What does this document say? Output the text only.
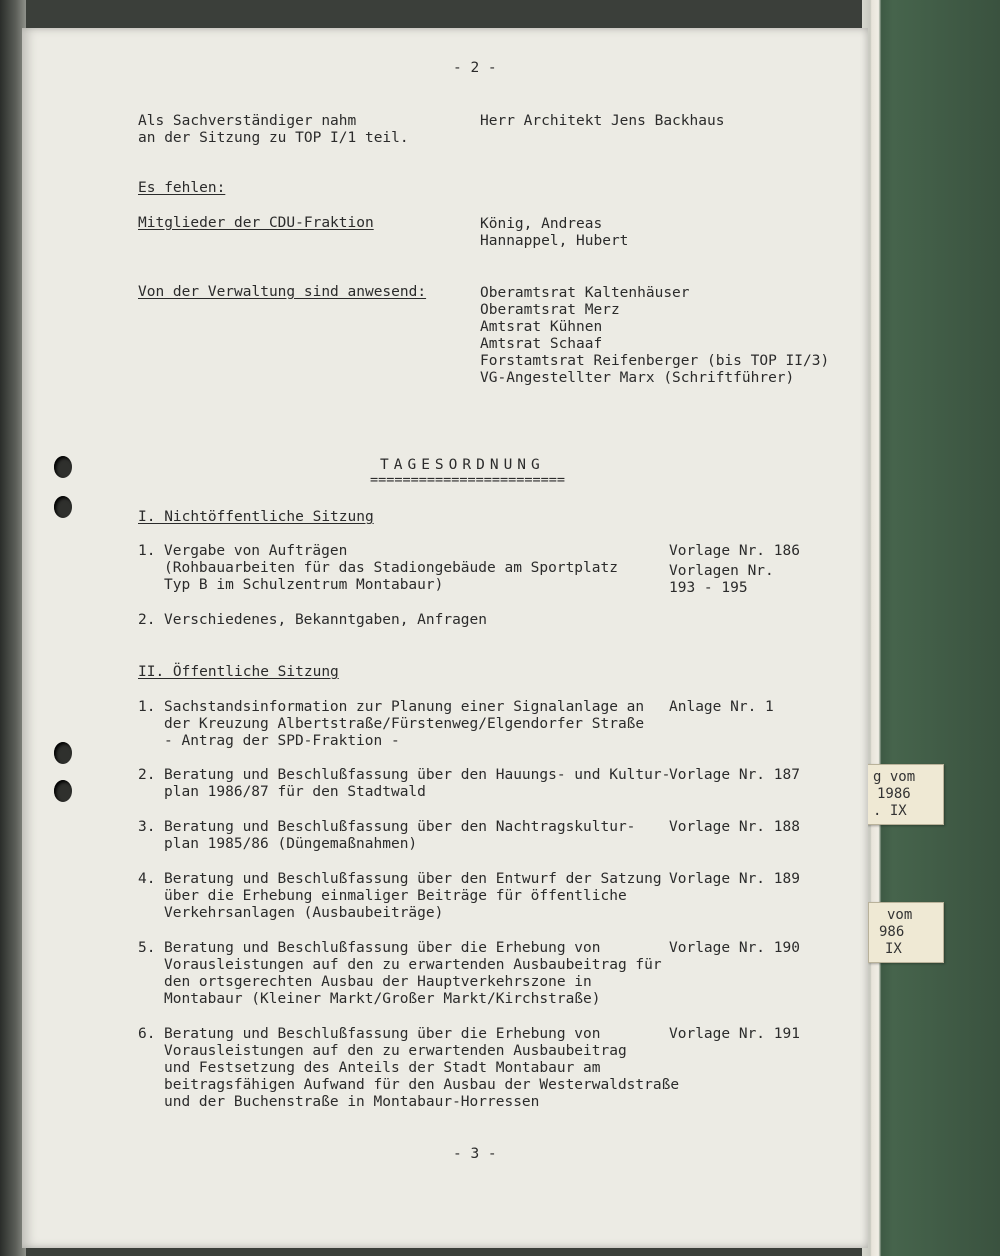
g vom
1986
. IX
vom
986
IX
- 2 -
Als Sachverständiger nahm
an der Sitzung zu TOP I/1 teil.
Herr Architekt Jens Backhaus
Es fehlen:
Mitglieder der CDU-Fraktion	König, Andreas
Hannappel, Hubert
Von der Verwaltung sind anwesend:	Oberamtsrat Kaltenhäuser
Oberamtsrat Merz
Amtsrat Kühnen
Amtsrat Schaaf
Forstamtsrat Reifenberger (bis TOP II/3)
VG-Angestellter Marx (Schriftführer)
TAGESORDNUNG
========================
I. Nichtöffentliche Sitzung
1. Vergabe von Aufträgen
(Rohbauarbeiten für das Stadiongebäude am Sportplatz
Typ B im Schulzentrum Montabaur)
Vorlage Nr. 186
Vorlagen Nr.
193 - 195
2. Verschiedenes, Bekanntgaben, Anfragen
II. Öffentliche Sitzung
1. Sachstandsinformation zur Planung einer Signalanlage an
der Kreuzung Albertstraße/Fürstenweg/Elgendorfer Straße
- Antrag der SPD-Fraktion -
Anlage Nr. 1
2. Beratung und Beschlußfassung über den Hauungs- und Kultur-
plan 1986/87 für den Stadtwald
Vorlage Nr. 187
3. Beratung und Beschlußfassung über den Nachtragskultur-
plan 1985/86 (Düngemaßnahmen)
Vorlage Nr. 188
4. Beratung und Beschlußfassung über den Entwurf der Satzung
über die Erhebung einmaliger Beiträge für öffentliche
Verkehrsanlagen (Ausbaubeiträge)
Vorlage Nr. 189
5. Beratung und Beschlußfassung über die Erhebung von
Vorausleistungen auf den zu erwartenden Ausbaubeitrag für
den ortsgerechten Ausbau der Hauptverkehrszone in
Montabaur (Kleiner Markt/Großer Markt/Kirchstraße)
Vorlage Nr. 190
6. Beratung und Beschlußfassung über die Erhebung von
Vorausleistungen auf den zu erwartenden Ausbaubeitrag
und Festsetzung des Anteils der Stadt Montabaur am
beitragsfähigen Aufwand für den Ausbau der Westerwaldstraße
und der Buchenstraße in Montabaur-Horressen
Vorlage Nr. 191
- 3 -
